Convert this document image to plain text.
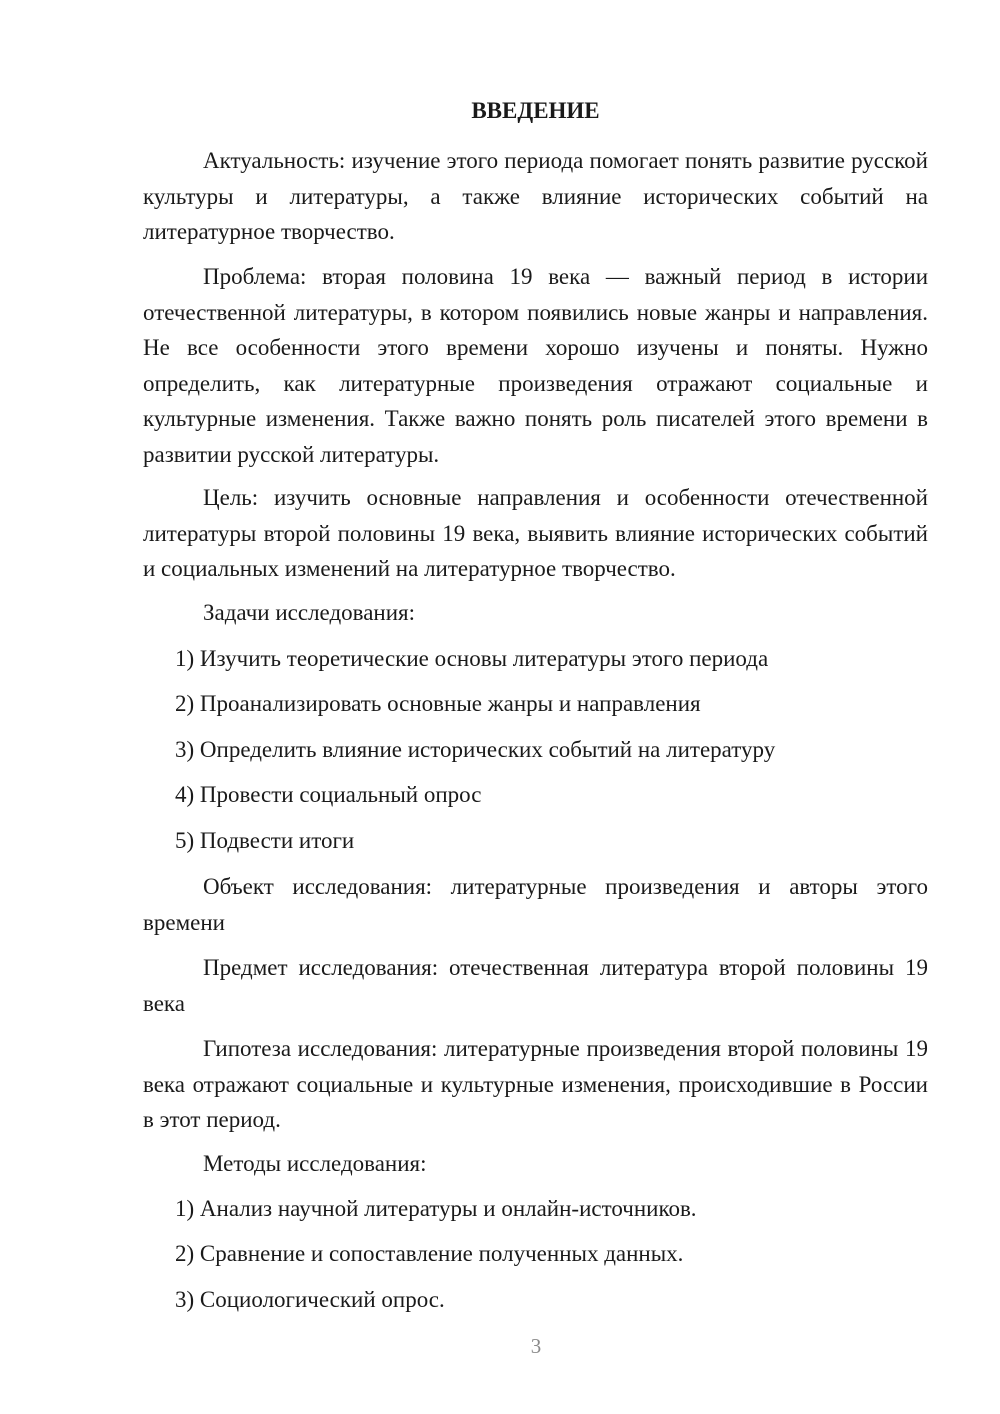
ВВЕДЕНИЕ

Актуальность: изучение этого периода помогает понять развитие русской культуры и литературы, а также влияние исторических событий на литературное творчество.

Проблема: вторая половина 19 века — важный период в истории отечественной литературы, в котором появились новые жанры и направления. Не все особенности этого времени хорошо изучены и поняты. Нужно определить, как литературные произведения отражают социальные и культурные изменения. Также важно понять роль писателей этого времени в развитии русской литературы.

Цель: изучить основные направления и особенности отечественной литературы второй половины 19 века, выявить влияние исторических событий и социальных изменений на литературное творчество.

Задачи исследования:

1) Изучить теоретические основы литературы этого периода

2) Проанализировать основные жанры и направления

3) Определить влияние исторических событий на литературу

4) Провести социальный опрос

5) Подвести итоги

Объект исследования: литературные произведения и авторы этого времени

Предмет исследования: отечественная литература второй половины 19 века

Гипотеза исследования: литературные произведения второй половины 19 века отражают социальные и культурные изменения, происходившие в России в этот период.

Методы исследования:

1) Анализ научной литературы и онлайн-источников.

2) Сравнение и сопоставление полученных данных.

3) Социологический опрос.

3
